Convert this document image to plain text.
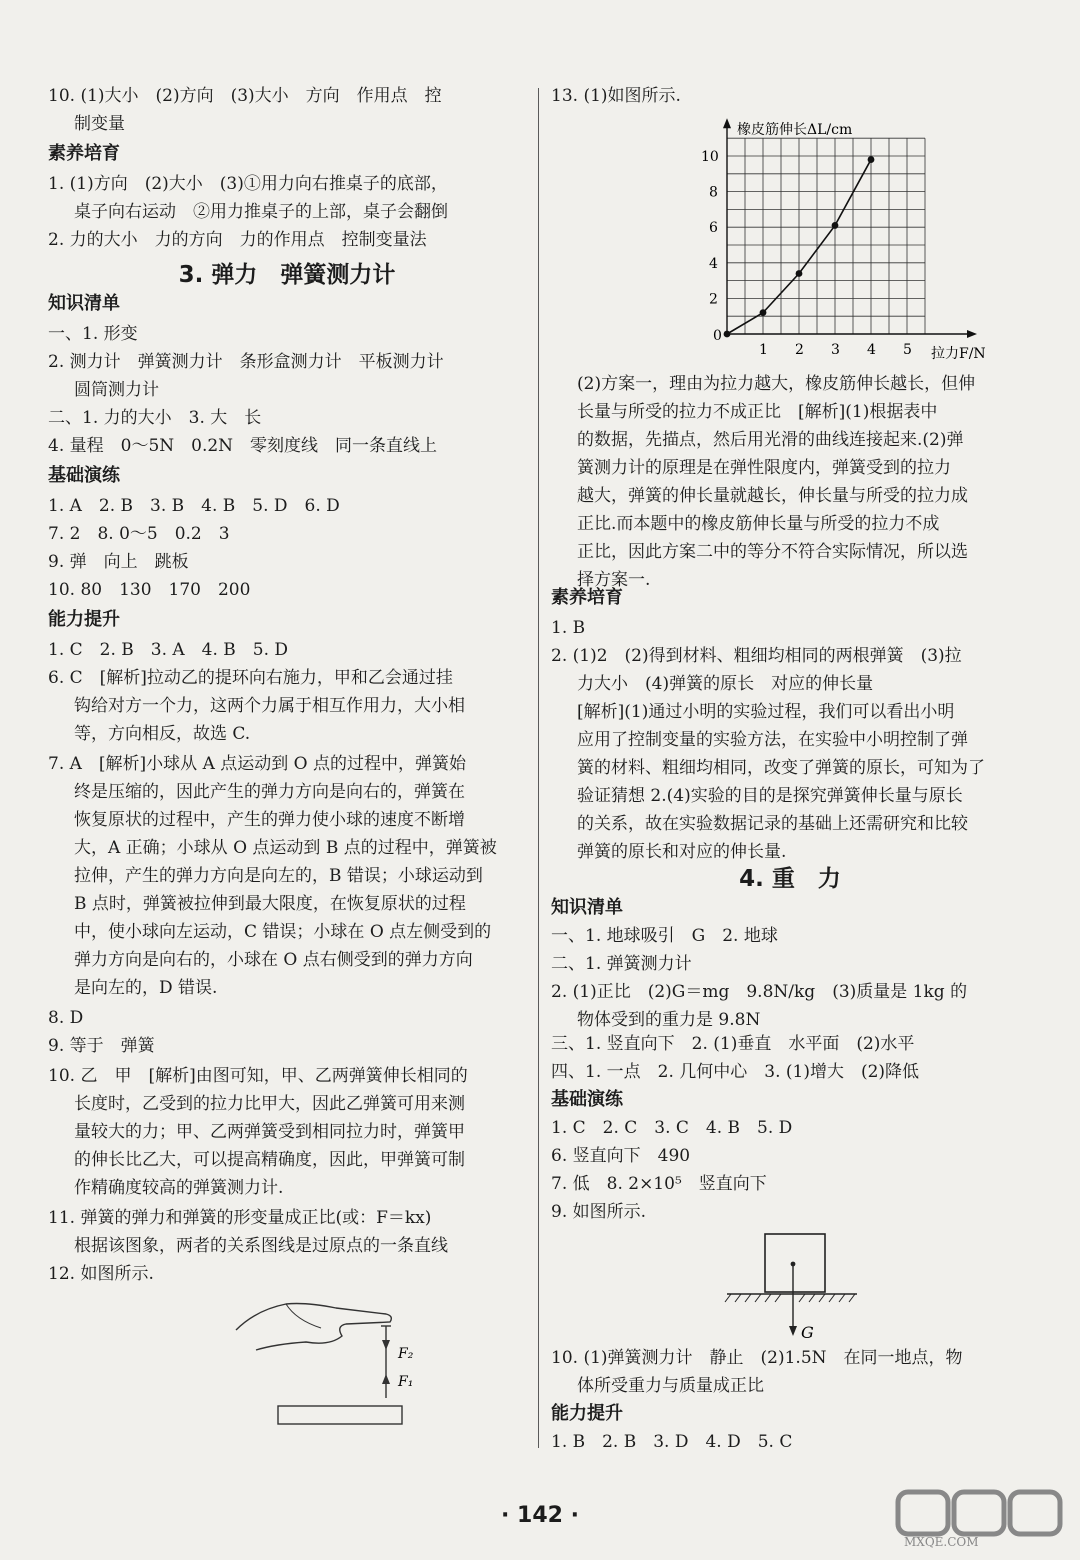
10. (1)大小　(2)方向　(3)大小　方向　作用点　控
制变量
素养培育
1. (1)方向　(2)大小　(3)①用力向右推桌子的底部，
桌子向右运动　②用力推桌子的上部，桌子会翻倒
2. 力的大小　力的方向　力的作用点　控制变量法
3. 弹力　弹簧测力计
知识清单
一、1. 形变
2. 测力计　弹簧测力计　条形盒测力计　平板测力计
圆筒测力计
二、1. 力的大小　3. 大　长
4. 量程　0～5N　0.2N　零刻度线　同一条直线上
基础演练
1. A　2. B　3. B　4. B　5. D　6. D
7. 2　8. 0～5　0.2　3
9. 弹　向上　跳板
10. 80　130　170　200
能力提升
1. C　2. B　3. A　4. B　5. D
6. C　[解析]拉动乙的提环向右施力，甲和乙会通过挂
钩给对方一个力，这两个力属于相互作用力，大小相
等，方向相反，故选 C.
7. A　[解析]小球从 A 点运动到 O 点的过程中，弹簧始
终是压缩的，因此产生的弹力方向是向右的，弹簧在
恢复原状的过程中，产生的弹力使小球的速度不断增
大，A 正确；小球从 O 点运动到 B 点的过程中，弹簧被
拉伸，产生的弹力方向是向左的，B 错误；小球运动到
B 点时，弹簧被拉伸到最大限度，在恢复原状的过程
中，使小球向左运动，C 错误；小球在 O 点左侧受到的
弹力方向是向右的，小球在 O 点右侧受到的弹力方向
是向左的，D 错误.
8. D
9. 等于　弹簧
10. 乙　甲　[解析]由图可知，甲、乙两弹簧伸长相同的
长度时，乙受到的拉力比甲大，因此乙弹簧可用来测
量较大的力；甲、乙两弹簧受到相同拉力时，弹簧甲
的伸长比乙大，可以提高精确度，因此，甲弹簧可制
作精确度较高的弹簧测力计.
11. 弹簧的弹力和弹簧的形变量成正比(或：F＝kx)
根据该图象，两者的关系图线是过原点的一条直线
12. 如图所示.
F₂
F₁
13. (1)如图所示.
1 2 3 4 5
2
4
6
8
10
0
橡皮筋伸长ΔL/cm
拉力F/N
(2)方案一，理由为拉力越大，橡皮筋伸长越长，但伸
长量与所受的拉力不成正比　[解析](1)根据表中
的数据，先描点，然后用光滑的曲线连接起来.(2)弹
簧测力计的原理是在弹性限度内，弹簧受到的拉力
越大，弹簧的伸长量就越长，伸长量与所受的拉力成
正比.而本题中的橡皮筋伸长量与所受的拉力不成
正比，因此方案二中的等分不符合实际情况，所以选
择方案一.
素养培育
1. B
2. (1)2　(2)得到材料、粗细均相同的两根弹簧　(3)拉
力大小　(4)弹簧的原长　对应的伸长量
[解析](1)通过小明的实验过程，我们可以看出小明
应用了控制变量的实验方法，在实验中小明控制了弹
簧的材料、粗细均相同，改变了弹簧的原长，可知为了
验证猜想 2.(4)实验的目的是探究弹簧伸长量与原长
的关系，故在实验数据记录的基础上还需研究和比较
弹簧的原长和对应的伸长量.
4. 重　力
知识清单
一、1. 地球吸引　G　2. 地球
二、1. 弹簧测力计
2. (1)正比　(2)G＝mg　9.8N/kg　(3)质量是 1kg 的
物体受到的重力是 9.8N
三、1. 竖直向下　2. (1)垂直　水平面　(2)水平
四、1. 一点　2. 几何中心　3. (1)增大　(2)降低
基础演练
1. C　2. C　3. C　4. B　5. D
6. 竖直向下　490
7. 低　8. 2×10⁵　竖直向下
9. 如图所示.
G
10. (1)弹簧测力计　静止　(2)1.5N　在同一地点，物
体所受重力与质量成正比
能力提升
1. B　2. B　3. D　4. D　5. C
· 142 ·
MXQE.COM
